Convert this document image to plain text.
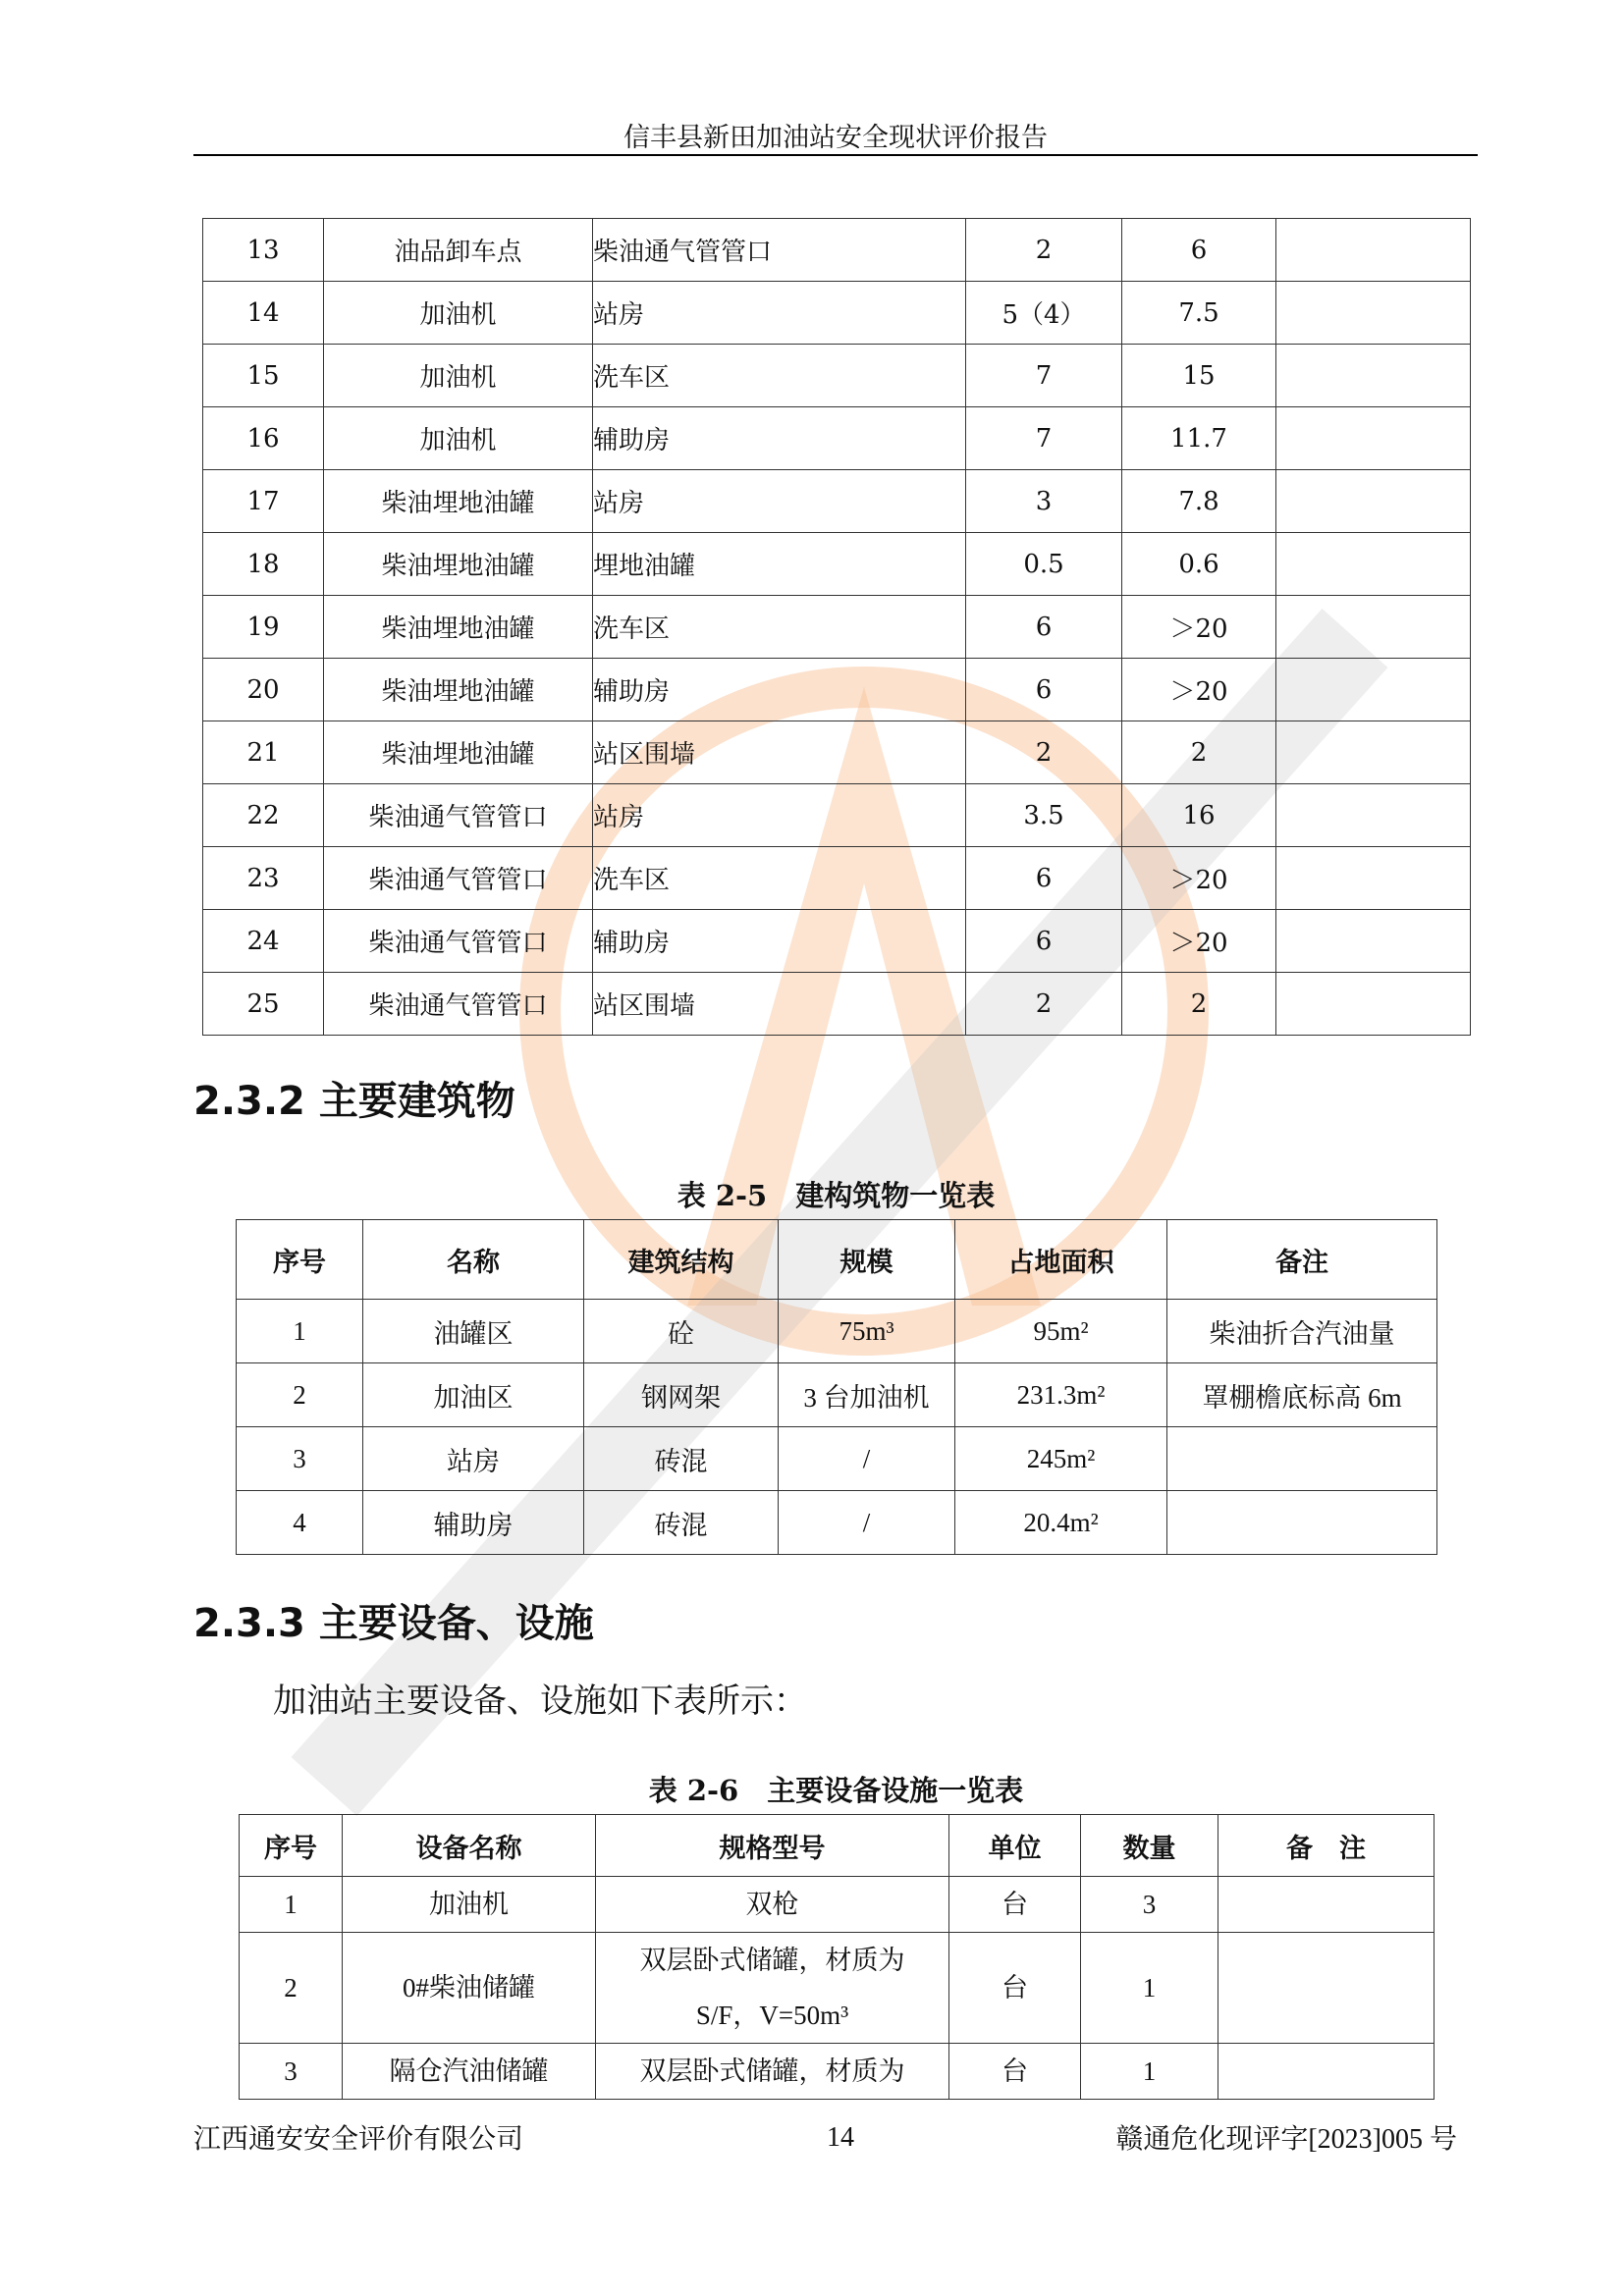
信丰县新田加油站安全现状评价报告
13	油品卸车点	柴油通气管管口	2	6	
14	加油机	站房	5（4）	7.5	
15	加油机	洗车区	7	15	
16	加油机	辅助房	7	11.7	
17	柴油埋地油罐	站房	3	7.8	
18	柴油埋地油罐	埋地油罐	0.5	0.6	
19	柴油埋地油罐	洗车区	6	＞20	
20	柴油埋地油罐	辅助房	6	＞20	
21	柴油埋地油罐	站区围墙	2	2	
22	柴油通气管管口	站房	3.5	16	
23	柴油通气管管口	洗车区	6	＞20	
24	柴油通气管管口	辅助房	6	＞20	
25	柴油通气管管口	站区围墙	2	2	
2.3.2 主要建筑物
表 2-5　建构筑物一览表
序号	名称	建筑结构	规模	占地面积	备注
1	油罐区	砼	75m³	95m²	柴油折合汽油量
2	加油区	钢网架	3 台加油机	231.3m²	罩棚檐底标高 6m
3	站房	砖混	/	245m²	
4	辅助房	砖混	/	20.4m²	
2.3.3 主要设备、设施
加油站主要设备、设施如下表所示：
表 2-6　主要设备设施一览表
序号	设备名称	规格型号	单位	数量	备　注
1	加油机	双枪	台	3	
2	0#柴油储罐	双层卧式储罐，材质为
S/F，V=50m³	台	1	
3	隔仓汽油储罐	双层卧式储罐，材质为	台	1	
江西通安安全评价有限公司	14	赣通危化现评字[2023]005 号
